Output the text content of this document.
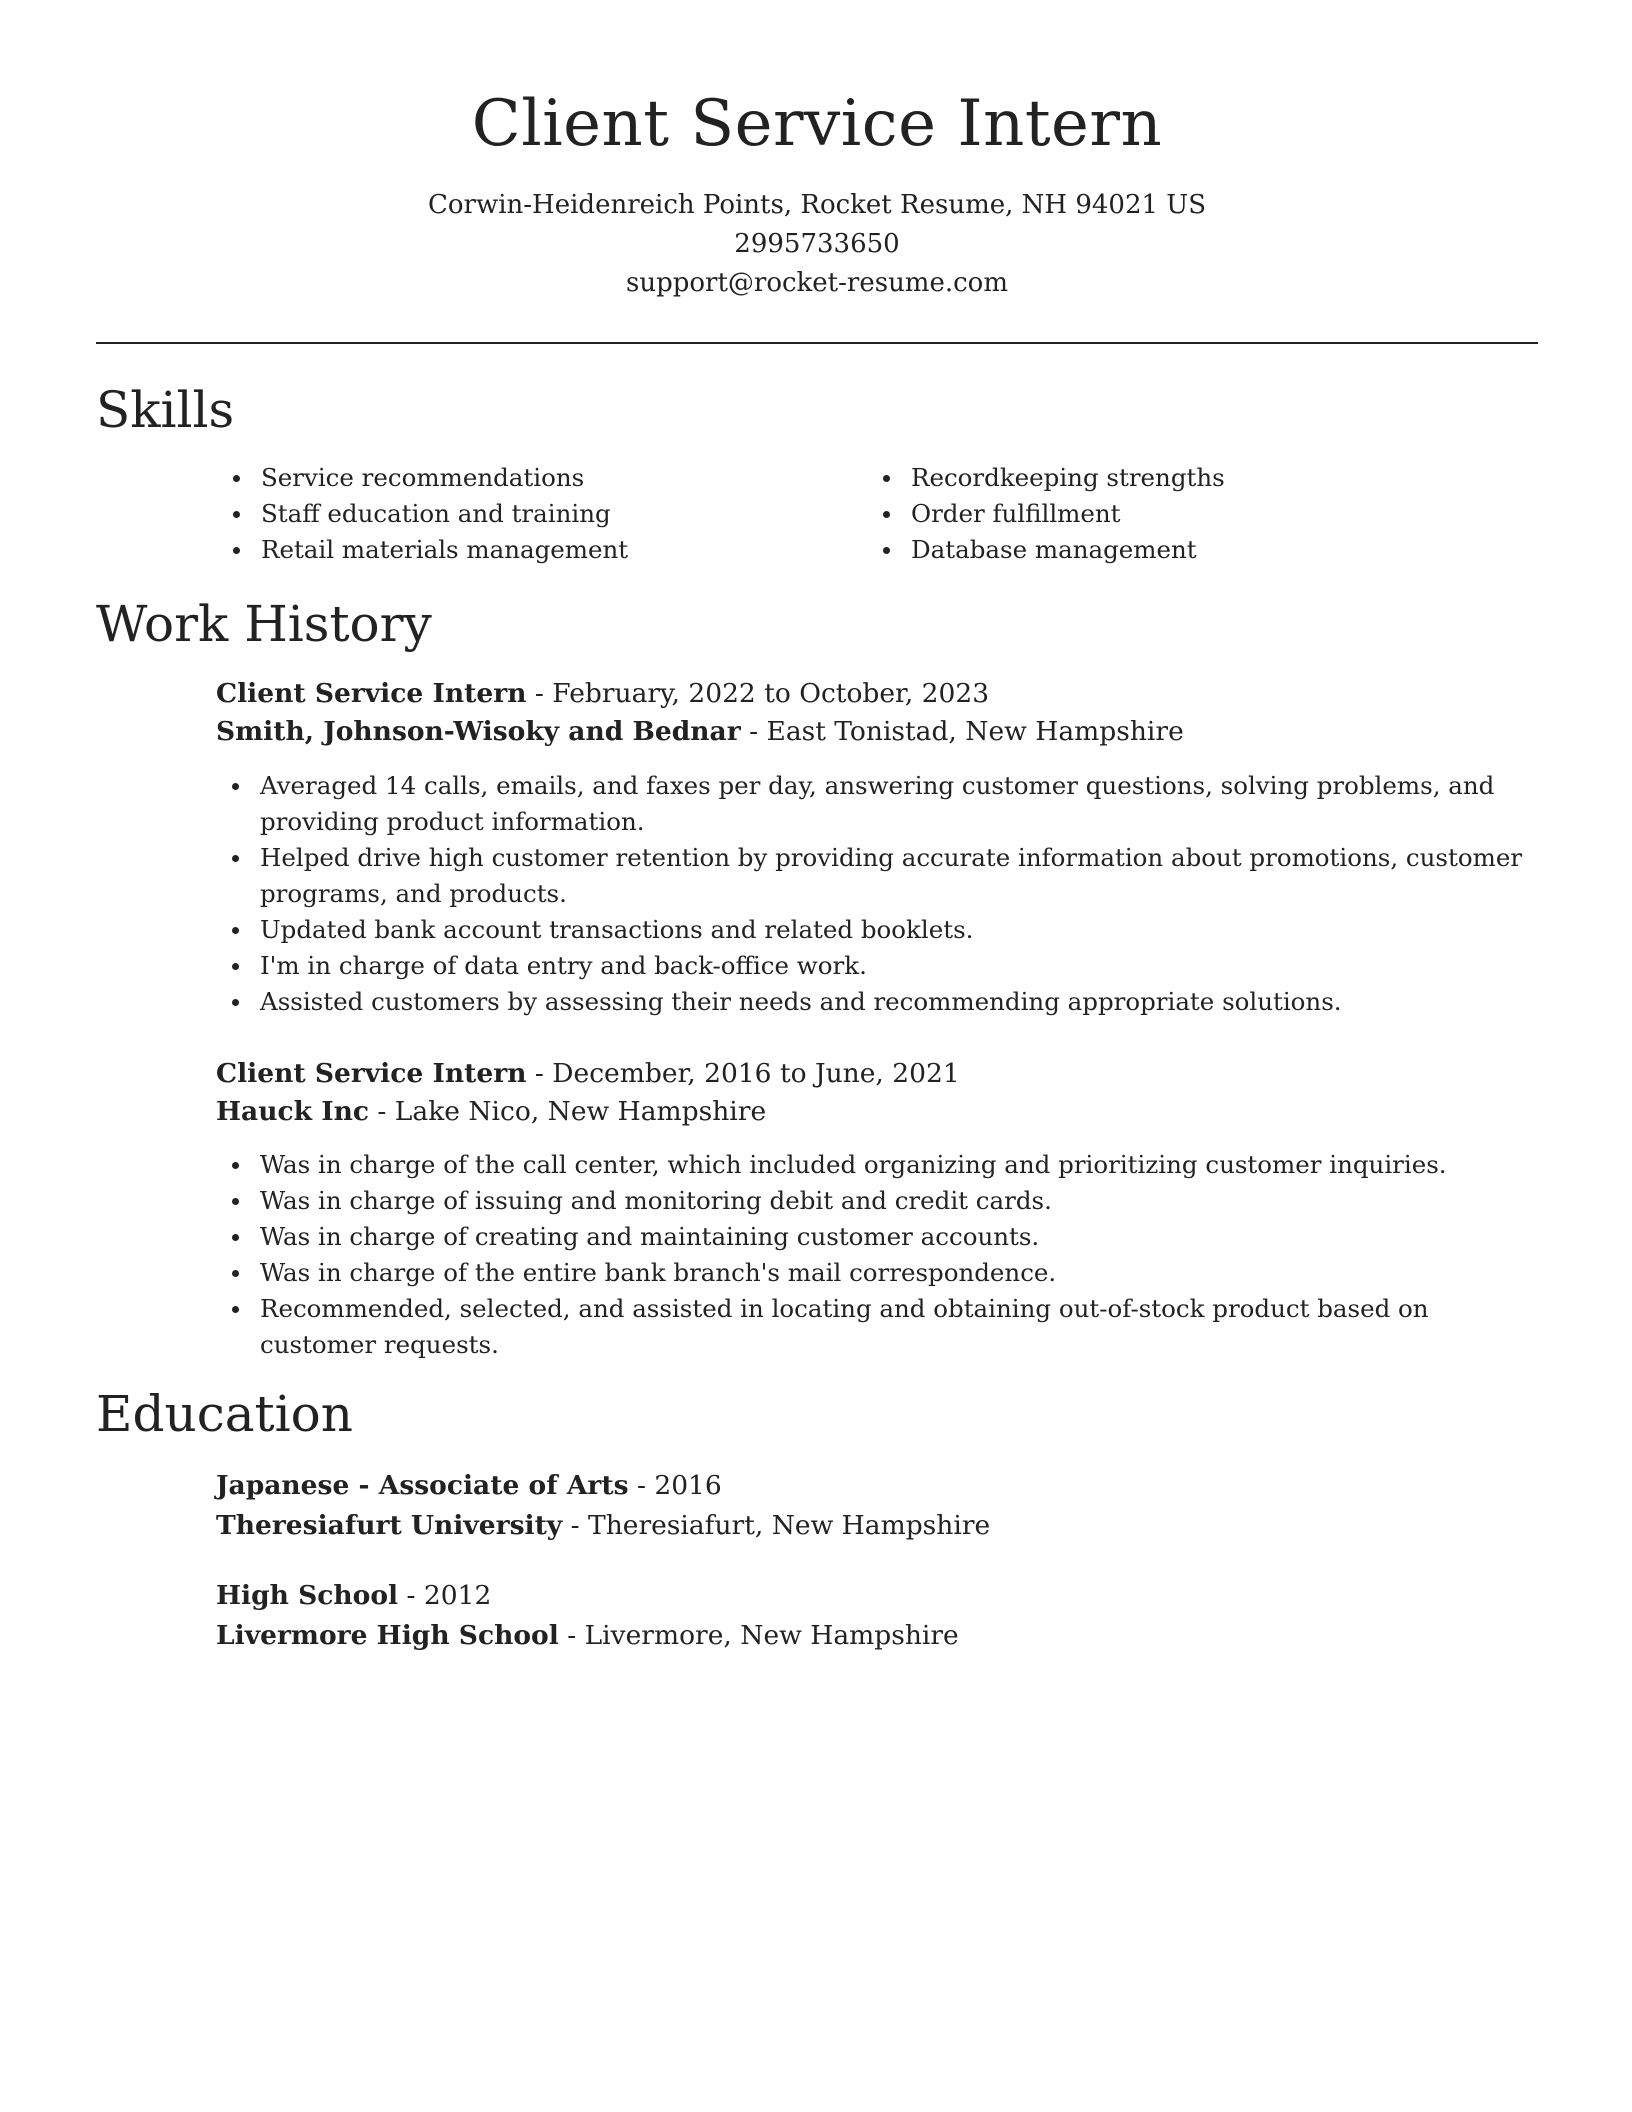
Client Service Intern
Corwin-Heidenreich Points, Rocket Resume, NH 94021 US
2995733650
support@rocket-resume.com
Skills
Service recommendations
Staff education and training
Retail materials management
Recordkeeping strengths
Order fulfillment
Database management
Work History
Client Service Intern - February, 2022 to October, 2023
Smith, Johnson-Wisoky and Bednar - East Tonistad, New Hampshire
Averaged 14 calls, emails, and faxes per day, answering customer questions, solving problems, and providing product information.
Helped drive high customer retention by providing accurate information about promotions, customer programs, and products.
Updated bank account transactions and related booklets.
I'm in charge of data entry and back-office work.
Assisted customers by assessing their needs and recommending appropriate solutions.
Client Service Intern - December, 2016 to June, 2021
Hauck Inc - Lake Nico, New Hampshire
Was in charge of the call center, which included organizing and prioritizing customer inquiries.
Was in charge of issuing and monitoring debit and credit cards.
Was in charge of creating and maintaining customer accounts.
Was in charge of the entire bank branch's mail correspondence.
Recommended, selected, and assisted in locating and obtaining out-of-stock product based on customer requests.
Education
Japanese - Associate of Arts - 2016
Theresiafurt University - Theresiafurt, New Hampshire
High School - 2012
Livermore High School - Livermore, New Hampshire
